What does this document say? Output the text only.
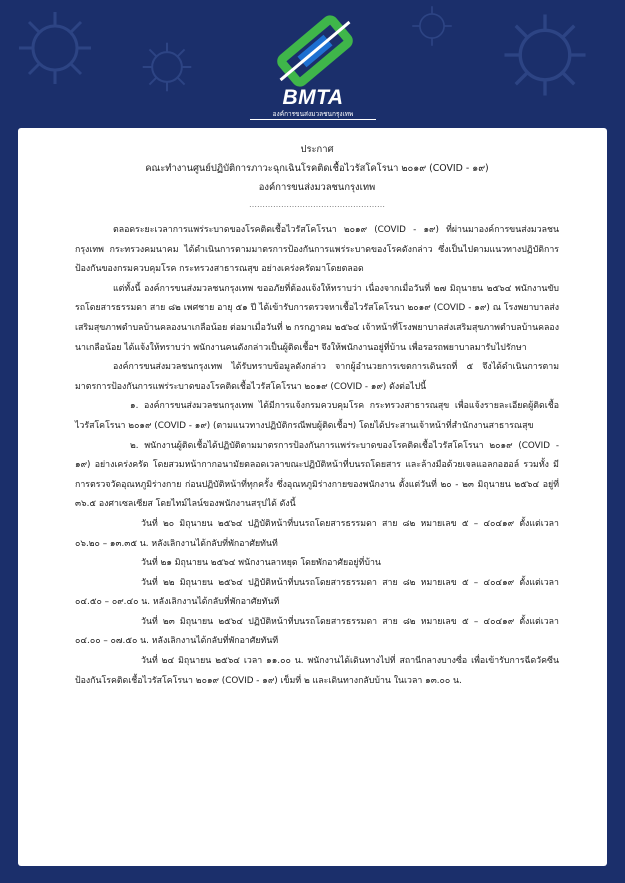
BMTA
องค์การขนส่งมวลชนกรุงเทพ
ประกาศ
คณะทำงานศูนย์ปฏิบัติการภาวะฉุกเฉินโรคติดเชื้อไวรัสโคโรนา ๒๐๑๙ (COVID - ๑๙)
องค์การขนส่งมวลชนกรุงเทพ
……………………………………………

ตลอดระยะเวลาการแพร่ระบาดของโรคติดเชื้อไวรัสโคโรนา ๒๐๑๙ (COVID - ๑๙) ที่ผ่านมาองค์การขนส่งมวลชนกรุงเทพ กระทรวงคมนาคม ได้ดำเนินการตามมาตรการป้องกันการแพร่ระบาดของโรคดังกล่าว ซึ่งเป็นไปตามแนวทางปฏิบัติการป้องกันของกรมควบคุมโรค กระทรวงสาธารณสุข อย่างเคร่งครัดมาโดยตลอด

แต่ทั้งนี้ องค์การขนส่งมวลชนกรุงเทพ ขออภัยที่ต้องแจ้งให้ทราบว่า เนื่องจากเมื่อวันที่ ๒๗ มิถุนายน ๒๕๖๔ พนักงานขับรถโดยสารธรรมดา สาย ๘๒ เพศชาย อายุ ๕๑ ปี ได้เข้ารับการตรวจหาเชื้อไวรัสโคโรนา ๒๐๑๙ (COVID - ๑๙) ณ โรงพยาบาลส่งเสริมสุขภาพตำบลบ้านคลองนาเกลือน้อย ต่อมาเมื่อวันที่ ๒ กรกฎาคม ๒๕๖๔ เจ้าหน้าที่โรงพยาบาลส่งเสริมสุขภาพตำบลบ้านคลองนาเกลือน้อย ได้แจ้งให้ทราบว่า พนักงานคนดังกล่าวเป็นผู้ติดเชื้อฯ จึงให้พนักงานอยู่ที่บ้าน เพื่อรอรถพยาบาลมารับไปรักษา

องค์การขนส่งมวลชนกรุงเทพ ได้รับทราบข้อมูลดังกล่าว จากผู้อำนวยการเขตการเดินรถที่ ๕ จึงได้ดำเนินการตามมาตรการป้องกันการแพร่ระบาดของโรคติดเชื้อไวรัสโคโรนา ๒๐๑๙ (COVID - ๑๙) ดังต่อไปนี้

๑. องค์การขนส่งมวลชนกรุงเทพ ได้มีการแจ้งกรมควบคุมโรค กระทรวงสาธารณสุข เพื่อแจ้งรายละเอียดผู้ติดเชื้อไวรัสโคโรนา ๒๐๑๙ (COVID - ๑๙) (ตามแนวทางปฏิบัติกรณีพบผู้ติดเชื้อฯ) โดยได้ประสานเจ้าหน้าที่สำนักงานสาธารณสุข

๒. พนักงานผู้ติดเชื้อได้ปฏิบัติตามมาตรการป้องกันการแพร่ระบาดของโรคติดเชื้อไวรัสโคโรนา ๒๐๑๙ (COVID - ๑๙) อย่างเคร่งครัด โดยสวมหน้ากากอนามัยตลอดเวลาขณะปฏิบัติหน้าที่บนรถโดยสาร และล้างมือด้วยเจลแอลกอฮอล์ รวมทั้ง มีการตรวจวัดอุณหภูมิร่างกาย ก่อนปฏิบัติหน้าที่ทุกครั้ง ซึ่งอุณหภูมิร่างกายของพนักงาน ตั้งแต่วันที่ ๒๐ - ๒๓ มิถุนายน ๒๕๖๔ อยู่ที่ ๓๖.๕ องศาเซลเซียส โดยไทม์ไลน์ของพนักงานสรุปได้ ดังนี้

วันที่ ๒๐ มิถุนายน ๒๕๖๔ ปฏิบัติหน้าที่บนรถโดยสารธรรมดา สาย ๘๒ หมายเลข ๕ – ๔๐๔๑๙ ตั้งแต่เวลา ๐๖.๒๐ – ๑๓.๓๕ น. หลังเลิกงานได้กลับที่พักอาศัยทันที

วันที่ ๒๑ มิถุนายน ๒๕๖๔ พนักงานลาหยุด โดยพักอาศัยอยู่ที่บ้าน

วันที่ ๒๒ มิถุนายน ๒๕๖๔ ปฏิบัติหน้าที่บนรถโดยสารธรรมดา สาย ๘๒ หมายเลข ๕ – ๔๐๔๑๙ ตั้งแต่เวลา ๐๔.๕๐ – ๐๙.๔๐ น. หลังเลิกงานได้กลับที่พักอาศัยทันที

วันที่ ๒๓ มิถุนายน ๒๕๖๔ ปฏิบัติหน้าที่บนรถโดยสารธรรมดา สาย ๘๒ หมายเลข ๕ – ๔๐๔๑๙ ตั้งแต่เวลา ๐๔.๐๐ – ๐๗.๕๐ น. หลังเลิกงานได้กลับที่พักอาศัยทันที

วันที่ ๒๔ มิถุนายน ๒๕๖๔ เวลา ๑๑.๐๐ น. พนักงานได้เดินทางไปที่ สถานีกลางบางซื่อ เพื่อเข้ารับการฉีดวัคซีนป้องกันโรคติดเชื้อไวรัสโคโรนา ๒๐๑๙ (COVID - ๑๙) เข็มที่ ๒ และเดินทางกลับบ้าน ในเวลา ๑๓.๐๐ น.
